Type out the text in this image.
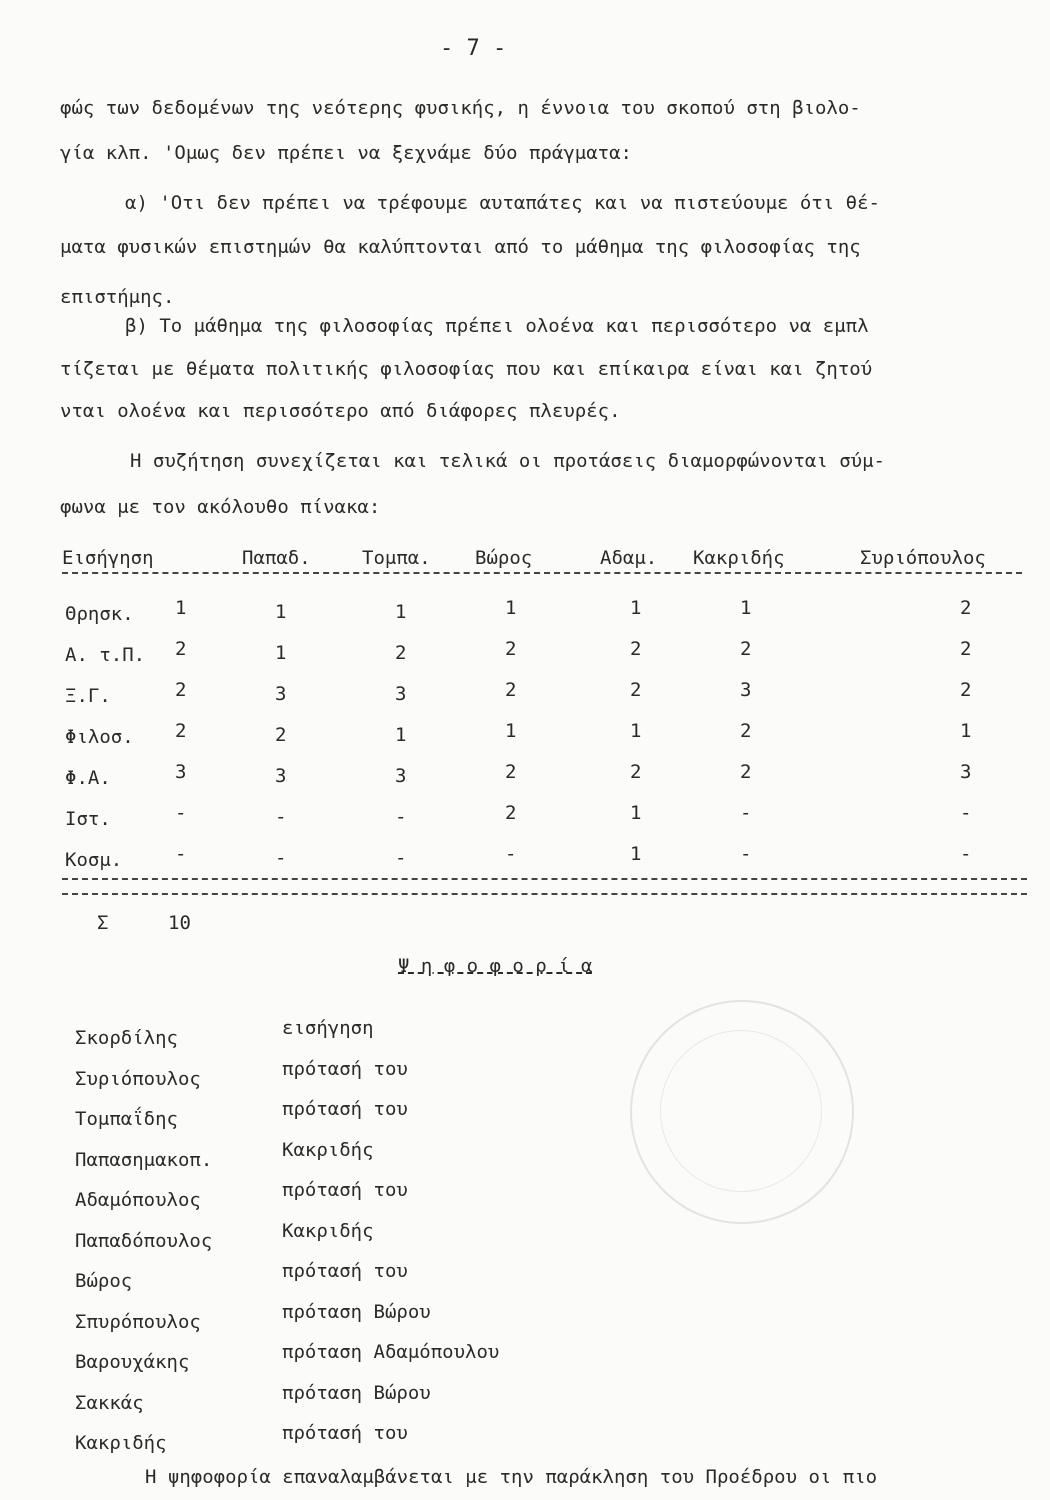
- 7 -
φώς των δεδομένων της νεότερης φυσικής, η έννοια του σκοπού στη βιολο-
γία κλπ. 'Ομως δεν πρέπει να ξεχνάμε δύο πράγματα:
α) 'Οτι δεν πρέπει να τρέφουμε αυταπάτες και να πιστεύουμε ότι θέ-
ματα φυσικών επιστημών θα καλύπτονται από το μάθημα της φιλοσοφίας της
επιστήμης.
β) Το μάθημα της φιλοσοφίας πρέπει ολοένα και περισσότερο να εμπλ
τίζεται με θέματα πολιτικής φιλοσοφίας που και επίκαιρα είναι και ζητού
νται ολοένα και περισσότερο από διάφορες πλευρές.
Η συζήτηση συνεχίζεται και τελικά οι προτάσεις διαμορφώνονται σύμ-
φωνα με τον ακόλουθο πίνακα:
Εισήγηση	Παπαδ.	Τομπα. Βώρος	Αδαμ. Κακριδής	Συριόπουλος
Θρησκ. 1	1	1	1	1	1	2
Α. τ.Π. 2	1	2	2	2	2	2
Ξ.Γ.	2	3	3	2	2	3	2
Φιλοσ. 2	2	1	1	1	2	1
Φ.Α.	3	3	3	2	2	2	3
Ιστ.	-	-	-	2	1	-	-
Κοσμ.	-	-	-	-	1	-	-
Σ	10
Ψ η φ ο φ ο ρ ί α
Σκορδίλης	εισήγηση
Συριόπουλος	πρότασή του
Τομπαΐδης	πρότασή του
Παπασημακοπ.	Κακριδής
Αδαμόπουλος	πρότασή του
Παπαδόπουλος	Κακριδής
Βώρος	πρότασή του
Σπυρόπουλος	πρόταση Βώρου
Βαρουχάκης	πρόταση Αδαμόπουλου
Σακκάς	πρόταση Βώρου
Κακριδής	πρότασή του
Η ψηφοφορία επαναλαμβάνεται με την παράκληση του Προέδρου οι πιο
